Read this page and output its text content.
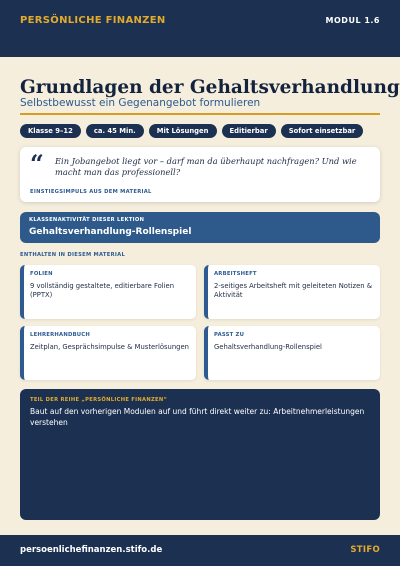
PERSÖNLICHE FINANZEN	MODUL 1.6
Grundlagen der Gehaltsverhandlung
Selbstbewusst ein Gegenangebot formulieren
Klasse 9–12	ca. 45 Min.	Mit Lösungen	Editierbar	Sofort einsetzbar
“ Ein Jobangebot liegt vor – darf man da überhaupt nachfragen? Und wie macht man das professionell?

EINSTIEGSIMPULS AUS DEM MATERIAL
KLASSENAKTIVITÄT DIESER LEKTION
Gehaltsverhandlung-Rollenspiel
ENTHALTEN IN DIESEM MATERIAL
FOLIEN
9 vollständig gestaltete, editierbare Folien (PPTX)
ARBEITSHEFT
2-seitiges Arbeitsheft mit geleiteten Notizen & Aktivität
LEHRERHANDBUCH
Zeitplan, Gesprächsimpulse & Musterlösungen
PASST ZU
Gehaltsverhandlung-Rollenspiel
TEIL DER REIHE „PERSÖNLICHE FINANZEN“

Baut auf den vorherigen Modulen auf und führt direkt weiter zu: Arbeitnehmerleistungen verstehen

persoenlichefinanzen.stifo.de	STIFO
